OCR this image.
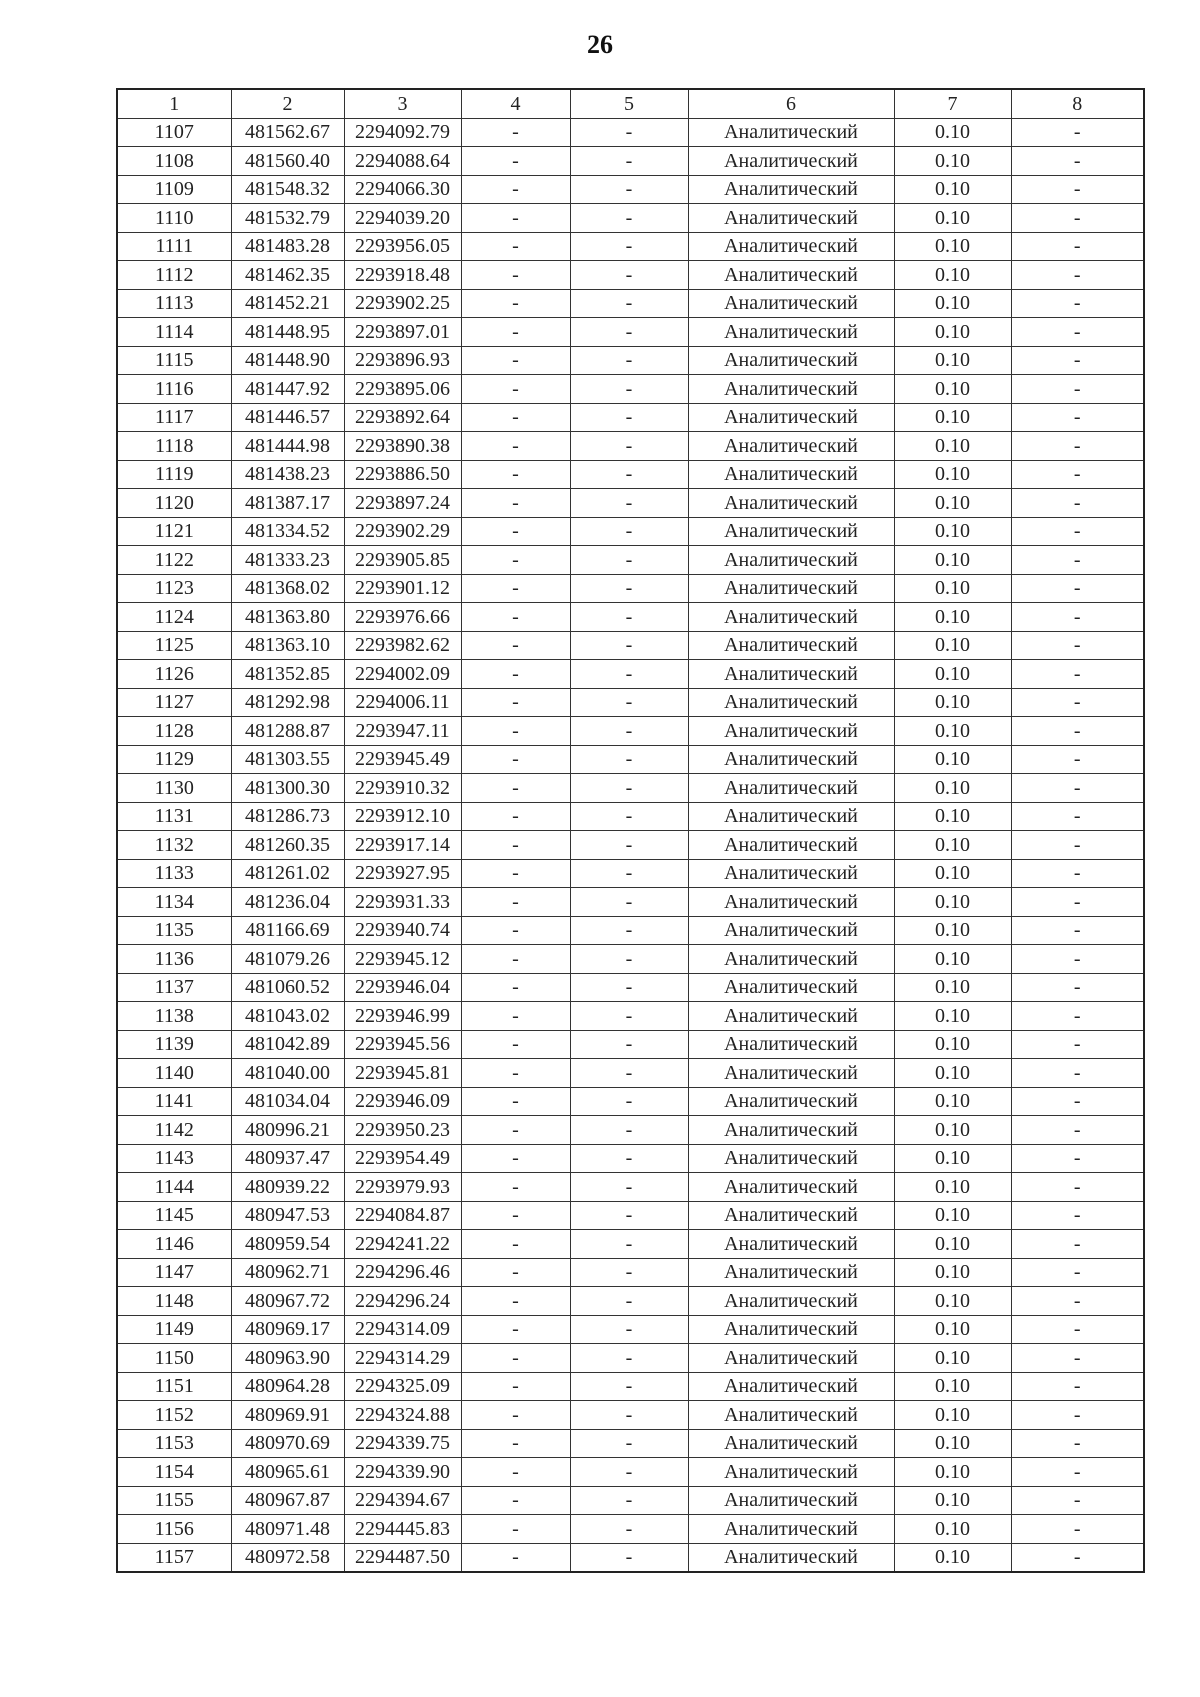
26
1	2	3	4	5	6	7	8
1107	481562.67	2294092.79	-	-	Аналитический	0.10	-
1108	481560.40	2294088.64	-	-	Аналитический	0.10	-
1109	481548.32	2294066.30	-	-	Аналитический	0.10	-
1110	481532.79	2294039.20	-	-	Аналитический	0.10	-
1111	481483.28	2293956.05	-	-	Аналитический	0.10	-
1112	481462.35	2293918.48	-	-	Аналитический	0.10	-
1113	481452.21	2293902.25	-	-	Аналитический	0.10	-
1114	481448.95	2293897.01	-	-	Аналитический	0.10	-
1115	481448.90	2293896.93	-	-	Аналитический	0.10	-
1116	481447.92	2293895.06	-	-	Аналитический	0.10	-
1117	481446.57	2293892.64	-	-	Аналитический	0.10	-
1118	481444.98	2293890.38	-	-	Аналитический	0.10	-
1119	481438.23	2293886.50	-	-	Аналитический	0.10	-
1120	481387.17	2293897.24	-	-	Аналитический	0.10	-
1121	481334.52	2293902.29	-	-	Аналитический	0.10	-
1122	481333.23	2293905.85	-	-	Аналитический	0.10	-
1123	481368.02	2293901.12	-	-	Аналитический	0.10	-
1124	481363.80	2293976.66	-	-	Аналитический	0.10	-
1125	481363.10	2293982.62	-	-	Аналитический	0.10	-
1126	481352.85	2294002.09	-	-	Аналитический	0.10	-
1127	481292.98	2294006.11	-	-	Аналитический	0.10	-
1128	481288.87	2293947.11	-	-	Аналитический	0.10	-
1129	481303.55	2293945.49	-	-	Аналитический	0.10	-
1130	481300.30	2293910.32	-	-	Аналитический	0.10	-
1131	481286.73	2293912.10	-	-	Аналитический	0.10	-
1132	481260.35	2293917.14	-	-	Аналитический	0.10	-
1133	481261.02	2293927.95	-	-	Аналитический	0.10	-
1134	481236.04	2293931.33	-	-	Аналитический	0.10	-
1135	481166.69	2293940.74	-	-	Аналитический	0.10	-
1136	481079.26	2293945.12	-	-	Аналитический	0.10	-
1137	481060.52	2293946.04	-	-	Аналитический	0.10	-
1138	481043.02	2293946.99	-	-	Аналитический	0.10	-
1139	481042.89	2293945.56	-	-	Аналитический	0.10	-
1140	481040.00	2293945.81	-	-	Аналитический	0.10	-
1141	481034.04	2293946.09	-	-	Аналитический	0.10	-
1142	480996.21	2293950.23	-	-	Аналитический	0.10	-
1143	480937.47	2293954.49	-	-	Аналитический	0.10	-
1144	480939.22	2293979.93	-	-	Аналитический	0.10	-
1145	480947.53	2294084.87	-	-	Аналитический	0.10	-
1146	480959.54	2294241.22	-	-	Аналитический	0.10	-
1147	480962.71	2294296.46	-	-	Аналитический	0.10	-
1148	480967.72	2294296.24	-	-	Аналитический	0.10	-
1149	480969.17	2294314.09	-	-	Аналитический	0.10	-
1150	480963.90	2294314.29	-	-	Аналитический	0.10	-
1151	480964.28	2294325.09	-	-	Аналитический	0.10	-
1152	480969.91	2294324.88	-	-	Аналитический	0.10	-
1153	480970.69	2294339.75	-	-	Аналитический	0.10	-
1154	480965.61	2294339.90	-	-	Аналитический	0.10	-
1155	480967.87	2294394.67	-	-	Аналитический	0.10	-
1156	480971.48	2294445.83	-	-	Аналитический	0.10	-
1157	480972.58	2294487.50	-	-	Аналитический	0.10	-
